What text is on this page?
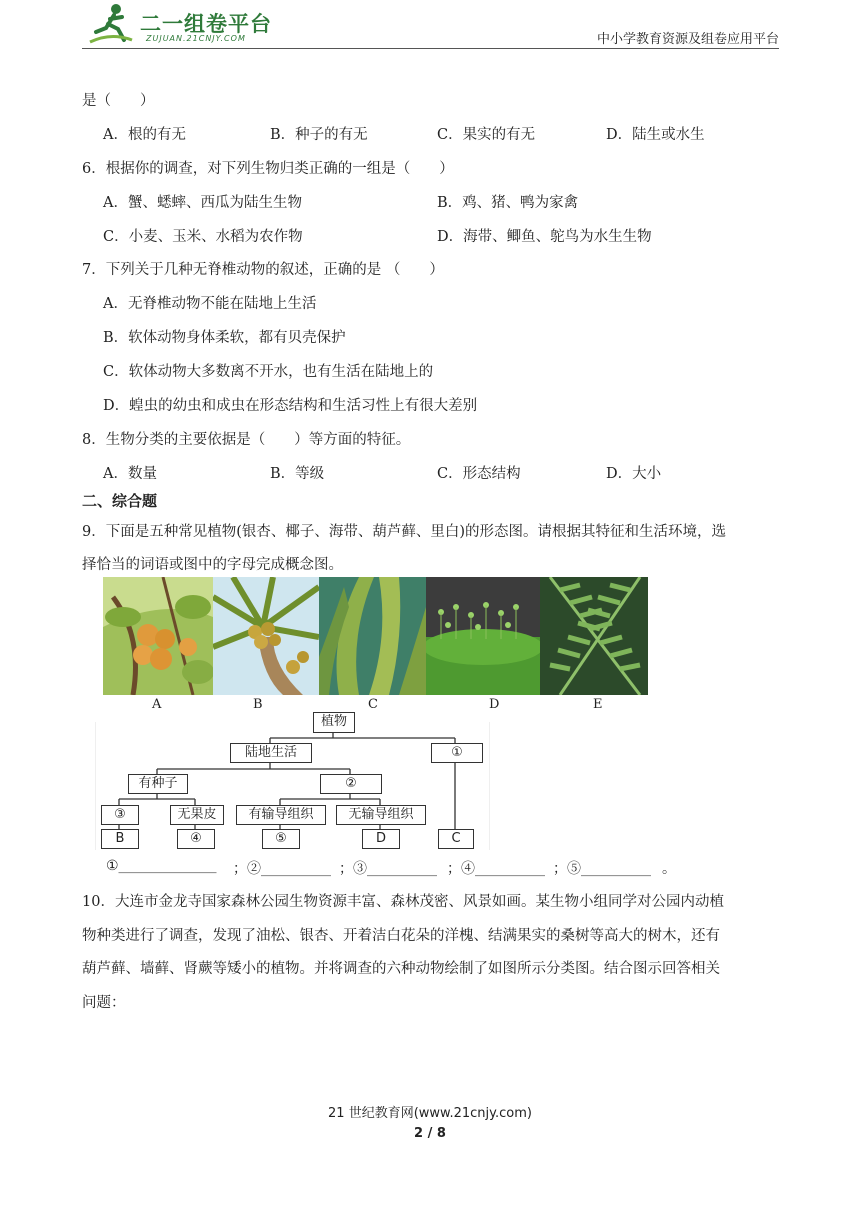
二一组卷平台
ZUJUAN.21CNJY.COM	中小学教育资源及组卷应用平台
是（　　）
A．根的有无	B．种子的有无	C．果实的有无	D．陆生或水生
6．根据你的调查，对下列生物归类正确的一组是（　　）
A．蟹、蟋蟀、西瓜为陆生生物	B．鸡、猪、鸭为家禽
C．小麦、玉米、水稻为农作物	D．海带、鲫鱼、鸵鸟为水生生物
7．下列关于几种无脊椎动物的叙述，正确的是 （　　）
A．无脊椎动物不能在陆地上生活
B．软体动物身体柔软，都有贝壳保护
C．软体动物大多数离不开水，也有生活在陆地上的
D．蝗虫的幼虫和成虫在形态结构和生活习性上有很大差别
8．生物分类的主要依据是（　　）等方面的特征。
A．数量	B．等级	C．形态结构	D．大小
二、综合题
9．下面是五种常见植物(银杏、椰子、海带、葫芦藓、里白)的形态图。请根据其特征和生活环境，选
择恰当的词语或图中的字母完成概念图。
A	B	C	D	E
植物
陆地生活	①
有种子	②
③	无果皮	有输导组织	无输导组织
B	④	⑤	D	C
①______________ ；②__________ ；③__________ ；④__________ ；⑤__________ 。
10．大连市金龙寺国家森林公园生物资源丰富、森林茂密、风景如画。某生物小组同学对公园内动植
物种类进行了调查，发现了油松、银杏、开着洁白花朵的洋槐、结满果实的桑树等高大的树木，还有
葫芦藓、墙藓、肾蕨等矮小的植物。并将调查的六种动物绘制了如图所示分类图。结合图示回答相关
问题：
21 世纪教育网(www.21cnjy.com)
2 / 8
